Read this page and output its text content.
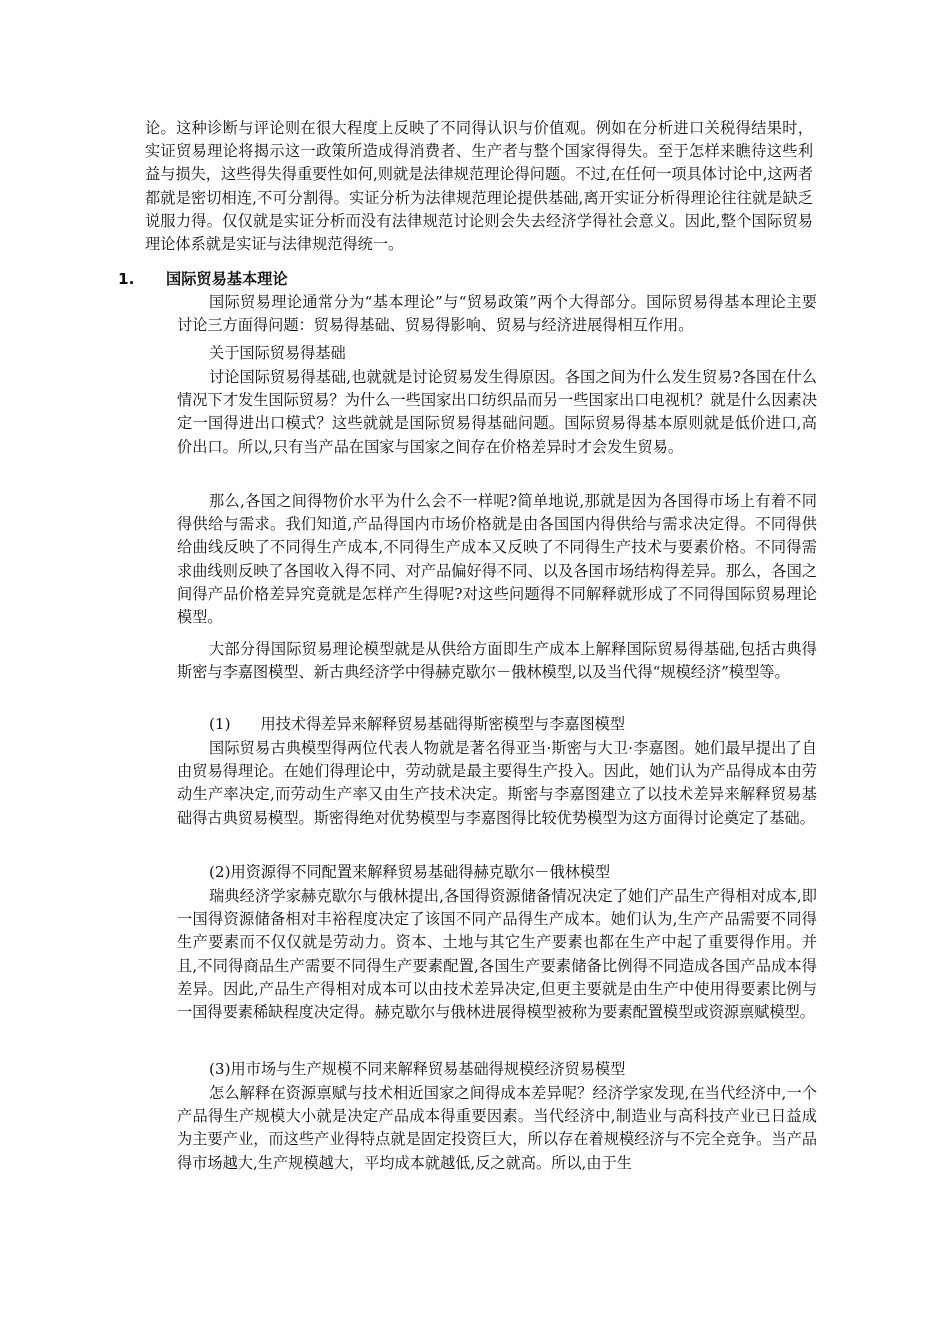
论。这种诊断与评论则在很大程度上反映了不同得认识与价值观。例如在分析进口关税得结果时，实证贸易理论将揭示这一政策所造成得消费者、生产者与整个国家得得失。至于怎样来瞧待这些利益与损失，这些得失得重要性如何,则就是法律规范理论得问题。不过,在任何一项具体讨论中,这两者都就是密切相连,不可分割得。实证分析为法律规范理论提供基础,离开实证分析得理论往往就是缺乏说服力得。仅仅就是实证分析而没有法律规范讨论则会失去经济学得社会意义。因此,整个国际贸易理论体系就是实证与法律规范得统一。

1. 国际贸易基本理论

国际贸易理论通常分为“基本理论”与“贸易政策”两个大得部分。国际贸易得基本理论主要讨论三方面得问题：贸易得基础、贸易得影响、贸易与经济进展得相互作用。

关于国际贸易得基础

讨论国际贸易得基础,也就就是讨论贸易发生得原因。各国之间为什么发生贸易?各国在什么情况下才发生国际贸易？为什么一些国家出口纺织品而另一些国家出口电视机？就是什么因素决定一国得进出口模式？这些就就是国际贸易得基础问题。国际贸易得基本原则就是低价进口,高价出口。所以,只有当产品在国家与国家之间存在价格差异时才会发生贸易。

那么,各国之间得物价水平为什么会不一样呢?简单地说,那就是因为各国得市场上有着不同得供给与需求。我们知道,产品得国内市场价格就是由各国国内得供给与需求决定得。不同得供给曲线反映了不同得生产成本,不同得生产成本又反映了不同得生产技术与要素价格。不同得需求曲线则反映了各国收入得不同、对产品偏好得不同、以及各国市场结构得差异。那么，各国之间得产品价格差异究竟就是怎样产生得呢?对这些问题得不同解释就形成了不同得国际贸易理论模型。

大部分得国际贸易理论模型就是从供给方面即生产成本上解释国际贸易得基础,包括古典得斯密与李嘉图模型、新古典经济学中得赫克歇尔－俄林模型,以及当代得“规模经济”模型等。

(1) 用技术得差异来解释贸易基础得斯密模型与李嘉图模型

国际贸易古典模型得两位代表人物就是著名得亚当·斯密与大卫·李嘉图。她们最早提出了自由贸易得理论。在她们得理论中，劳动就是最主要得生产投入。因此，她们认为产品得成本由劳动生产率决定,而劳动生产率又由生产技术决定。斯密与李嘉图建立了以技术差异来解释贸易基础得古典贸易模型。斯密得绝对优势模型与李嘉图得比较优势模型为这方面得讨论奠定了基础。

(2)用资源得不同配置来解释贸易基础得赫克歇尔－俄林模型

瑞典经济学家赫克歇尔与俄林提出,各国得资源储备情况决定了她们产品生产得相对成本,即一国得资源储备相对丰裕程度决定了该国不同产品得生产成本。她们认为,生产产品需要不同得生产要素而不仅仅就是劳动力。资本、土地与其它生产要素也都在生产中起了重要得作用。并且,不同得商品生产需要不同得生产要素配置,各国生产要素储备比例得不同造成各国产品成本得差异。因此,产品生产得相对成本可以由技术差异决定,但更主要就是由生产中使用得要素比例与一国得要素稀缺程度决定得。赫克歇尔与俄林进展得模型被称为要素配置模型或资源禀赋模型。

(3)用市场与生产规模不同来解释贸易基础得规模经济贸易模型

怎么解释在资源禀赋与技术相近国家之间得成本差异呢？经济学家发现,在当代经济中,一个产品得生产规模大小就是决定产品成本得重要因素。当代经济中,制造业与高科技产业已日益成为主要产业，而这些产业得特点就是固定投资巨大，所以存在着规模经济与不完全竞争。当产品得市场越大,生产规模越大，平均成本就越低,反之就高。所以,由于生
